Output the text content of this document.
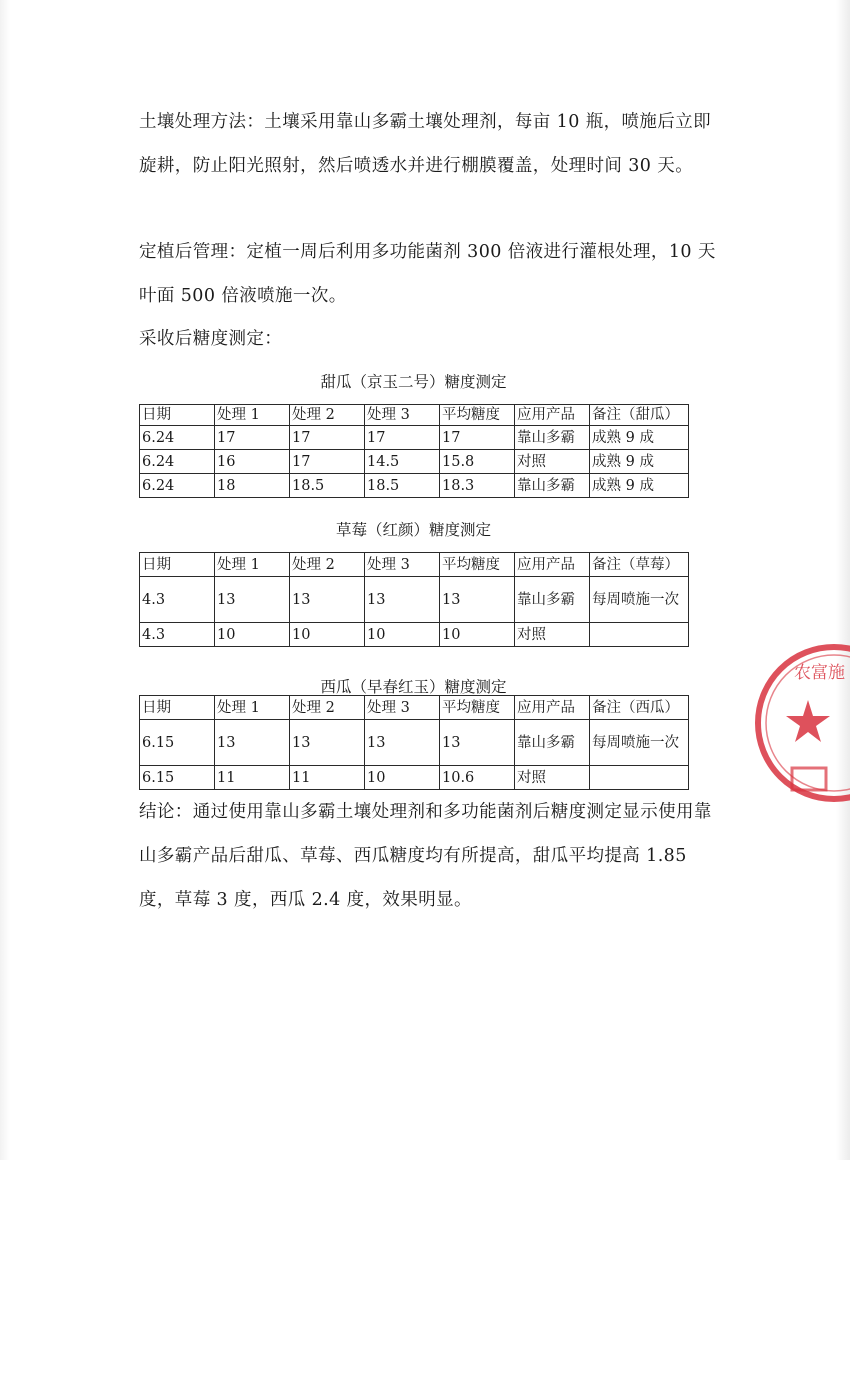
土壤处理方法：土壤采用靠山多霸土壤处理剂，每亩 10 瓶，喷施后立即旋耕，防止阳光照射，然后喷透水并进行棚膜覆盖，处理时间 30 天。

定植后管理：定植一周后利用多功能菌剂 300 倍液进行灌根处理，10 天叶面 500 倍液喷施一次。

采收后糖度测定：

甜瓜（京玉二号）糖度测定

日期	处理 1	处理 2	处理 3	平均糖度	应用产品	备注（甜瓜）
6.24	17	17	17	17	靠山多霸	成熟 9 成
6.24	16	17	14.5	15.8	对照	成熟 9 成
6.24	18	18.5	18.5	18.3	靠山多霸	成熟 9 成

草莓（红颜）糖度测定

日期	处理 1	处理 2	处理 3	平均糖度	应用产品	备注（草莓）
4.3	13	13	13	13	靠山多霸	每周喷施一次
4.3	10	10	10	10	对照	

西瓜（早春红玉）糖度测定

日期	处理 1	处理 2	处理 3	平均糖度	应用产品	备注（西瓜）
6.15	13	13	13	13	靠山多霸	每周喷施一次
6.15	11	11	10	10.6	对照	

结论：通过使用靠山多霸土壤处理剂和多功能菌剂后糖度测定显示使用靠山多霸产品后甜瓜、草莓、西瓜糖度均有所提高，甜瓜平均提高 1.85 度，草莓 3 度，西瓜 2.4 度，效果明显。

农富施
